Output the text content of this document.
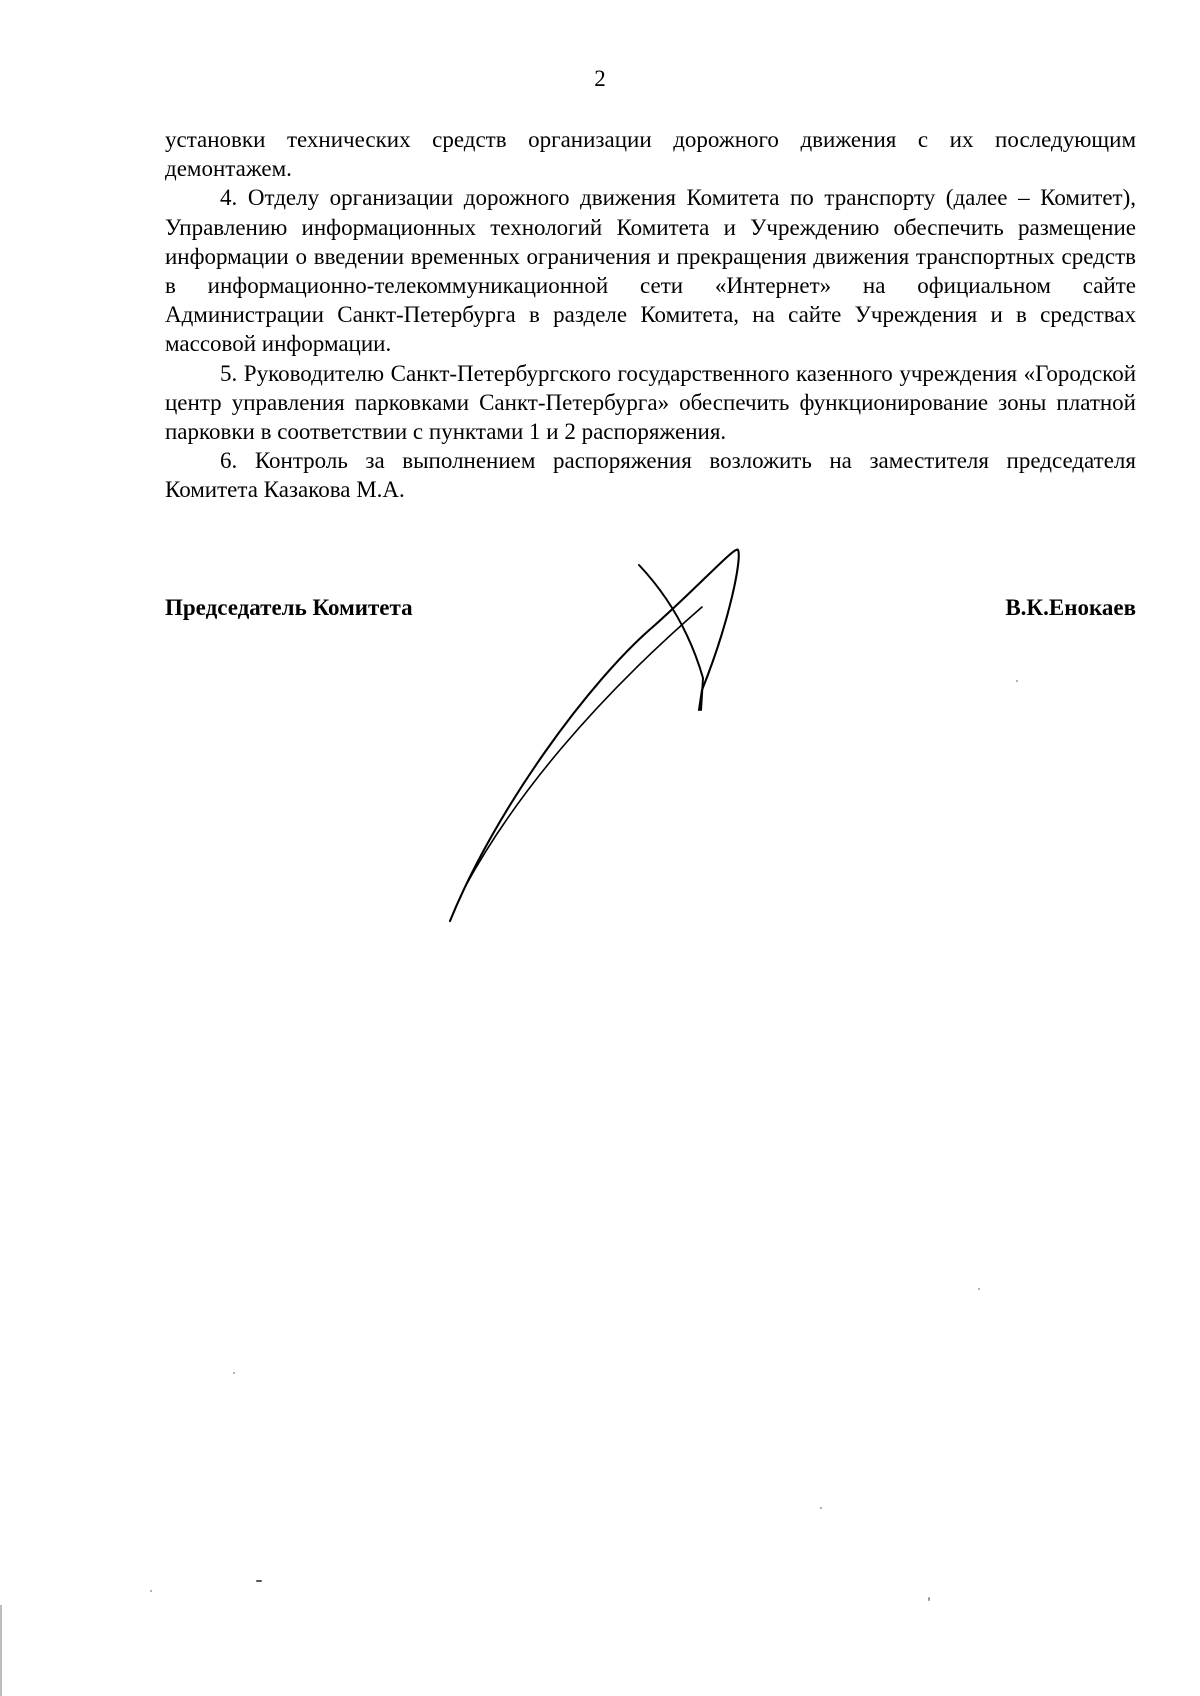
2

установки технических средств организации дорожного движения с их последующим демонтажем.

4. Отделу организации дорожного движения Комитета по транспорту (далее – Комитет), Управлению информационных технологий Комитета и Учреждению обеспечить размещение информации о введении временных ограничения и прекращения движения транспортных средств в информационно-телекоммуникационной сети «Интернет» на официальном сайте Администрации Санкт-Петербурга в разделе Комитета, на сайте Учреждения и в средствах массовой информации.

5. Руководителю Санкт-Петербургского государственного казенного учреждения «Городской центр управления парковками Санкт-Петербурга» обеспечить функционирование зоны платной парковки в соответствии с пунктами 1 и 2 распоряжения.

6. Контроль за выполнением распоряжения возложить на заместителя председателя Комитета Казакова М.А.

Председатель Комитета	В.К.Енокаев
